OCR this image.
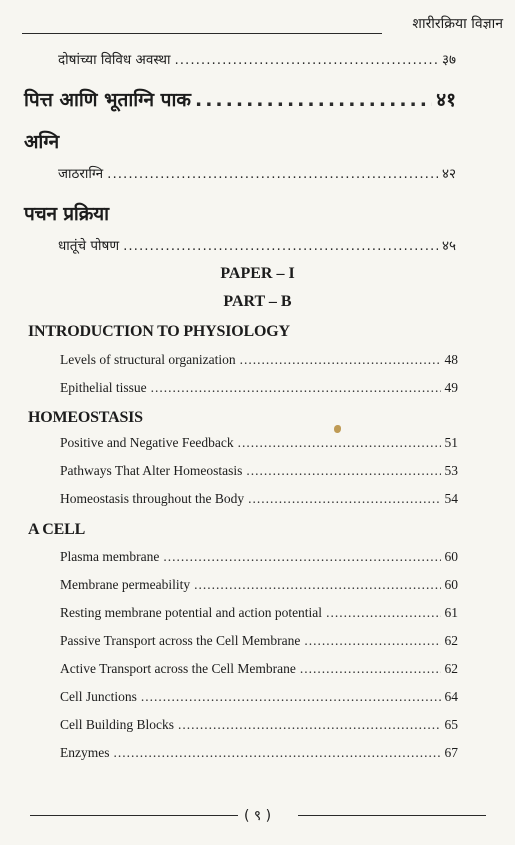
शारीरक्रिया विज्ञान
दोषांच्या विविध अवस्था .....	३७
पित्त आणि भूताग्नि पाक .....	४१
अग्नि
जाठराग्नि .....	४२
पचन प्रक्रिया
धातूंचे पोषण .....	४५
PAPER – I
PART – B
INTRODUCTION TO PHYSIOLOGY
Levels of structural organization .....	48
Epithelial tissue .....	49
HOMEOSTASIS
Positive and Negative Feedback .....	51
Pathways That Alter Homeostasis .....	53
Homeostasis throughout the Body .....	54
A CELL
Plasma membrane .....	60
Membrane permeability .....	60
Resting membrane potential and action potential .....	61
Passive Transport across the Cell Membrane .....	62
Active Transport across the Cell Membrane .....	62
Cell Junctions .....	64
Cell Building Blocks .....	65
Enzymes .....	67
( ९ )
